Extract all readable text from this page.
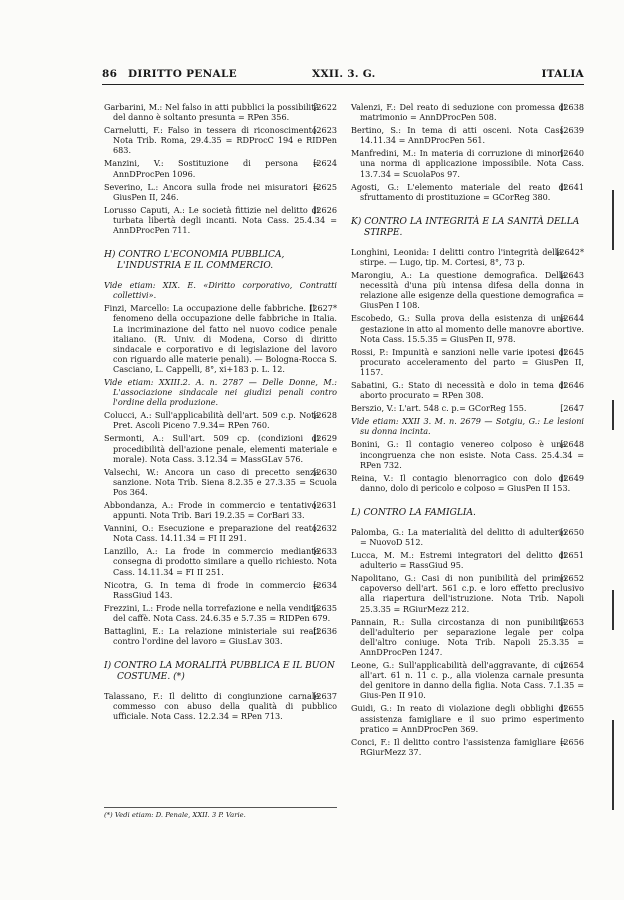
86 DIRITTO PENALE	XXII. 3. G.	ITALIA
[2622
Garbarini, M.: Nel falso in atti pubblici la possibilità del danno è soltanto presunta = RPen 356.
[2623
Carnelutti, F.: Falso in tessera di riconoscimento. Nota Trib. Roma, 29.4.35 = RDProcC 194 e RIDPen 683.
[2624
Manzini, V.: Sostituzione di persona = AnnDProcPen 1096.
[2625
Severino, L.: Ancora sulla frode nei misuratori = GiusPen II, 246.
[2626
Lorusso Caputi, A.: Le società fittizie nel delitto di turbata libertà degli incanti. Nota Cass. 25.4.34 = AnnDProcPen 711.
H) CONTRO L'ECONOMIA PUBBLICA, L'INDUSTRIA E IL COMMERCIO.
Vide etiam: XIX. E. «Diritto corporativo, Contratti collettivi».
[2627*
Finzi, Marcello: La occupazione delle fabbriche. Il fenomeno della occupazione delle fabbriche in Italia. La incriminazione del fatto nel nuovo codice penale italiano. (R. Univ. di Modena, Corso di diritto sindacale e corporativo e di legislazione del lavoro con riguardo alle materie penali). — Bologna-Rocca S. Casciano, L. Cappelli, 8°, xi+183 p. L. 12.
Vide etiam: XXIII.2. A. n. 2787 — Delle Donne, M.: L'associazione sindacale nei giudizi penali contro l'ordine della produzione.
[2628
Colucci, A.: Sull'applicabilità dell'art. 509 c.p. Nota Pret. Ascoli Piceno 7.9.34= RPen 760.
[2629
Sermonti, A.: Sull'art. 509 cp. (condizioni di procedibilità dell'azione penale, elementi materiale e morale). Nota Cass. 3.12.34 = MassGLav 576.
[2630
Valsechi, W.: Ancora un caso di precetto senza sanzione. Nota Trib. Siena 8.2.35 e 27.3.35 = Scuola Pos 364.
[2631
Abbondanza, A.: Frode in commercio e tentativo: appunti. Nota Trib. Bari 19.2.35 = CorBari 33.
[2632
Vannini, O.: Esecuzione e preparazione del reato. Nota Cass. 14.11.34 = FI II 291.
[2633
Lanzillo, A.: La frode in commercio mediante consegna di prodotto similare a quello richiesto. Nota Cass. 14.11.34 = FI II 251.
[2634
Nicotra, G. In tema di frode in commercio = RassGiud 143.
[2635
Frezzini, L.: Frode nella torrefazione e nella vendita del caffè. Nota Cass. 24.6.35 e 5.7.35 = RIDPen 679.
[2636
Battaglini, E.: La relazione ministeriale sui reati contro l'ordine del lavoro = GiusLav 303.
I) CONTRO LA MORALITÀ PUBBLICA E IL BUON COSTUME. (*)
[2637
Talassano, F.: Il delitto di congiunzione carnale commesso con abuso della qualità di pubblico ufficiale. Nota Cass. 12.2.34 = RPen 713.
[2638
Valenzi, F.: Del reato di seduzione con promessa di matrimonio = AnnDProcPen 508.
[2639
Bertino, S.: In tema di atti osceni. Nota Cass. 14.11.34 = AnnDProcPen 561.
[2640
Manfredini, M.: In materia di corruzione di minori: una norma di applicazione impossibile. Nota Cass. 13.7.34 = ScuolaPos 97.
[2641
Agosti, G.: L'elemento materiale del reato di sfruttamento di prostituzione = GCorReg 380.
K) CONTRO LA INTEGRITÀ E LA SANITÀ DELLA STIRPE.
[2642*
Longhini, Leonida: I delitti contro l'integrità della stirpe. — Lugo, tip. M. Cortesi, 8°, 73 p.
[2643
Marongiu, A.: La questione demografica. Della necessità d'una più intensa difesa della donna in relazione alle esigenze della questione demografica = GiusPen I 108.
[2644
Escobedo, G.: Sulla prova della esistenza di una gestazione in atto al momento delle manovre abortive. Nota Cass. 15.5.35 = GiusPen II, 978.
[2645
Rossi, P.: Impunità e sanzioni nelle varie ipotesi di procurato acceleramento del parto = GiusPen II, 1157.
[2646
Sabatini, G.: Stato di necessità e dolo in tema di aborto procurato = RPen 308.
[2647
Berszio, V.: L'art. 548 c. p.= GCorReg 155.
Vide etiam: XXII 3. M. n. 2679 — Sotgiu, G.: Le lesioni su donna incinta.
[2648
Bonini, G.: Il contagio venereo colposo è una incongruenza che non esiste. Nota Cass. 25.4.34 = RPen 732.
[2649
Reina, V.: Il contagio blenorragico con dolo di danno, dolo di pericolo e colposo = GiusPen II 153.
L) CONTRO LA FAMIGLIA.
[2650
Palomba, G.: La materialità del delitto di adulterio = NuovoD 512.
[2651
Lucca, M. M.: Estremi integratori del delitto di adulterio = RassGiud 95.
[2652
Napolitano, G.: Casi di non punibilità del primo capoverso dell'art. 561 c.p. e loro effetto preclusivo alla riapertura dell'istruzione. Nota Trib. Napoli 25.3.35 = RGiurMezz 212.
[2653
Pannain, R.: Sulla circostanza di non punibilità dell'adulterio per separazione legale per colpa dell'altro coniuge. Nota Trib. Napoli 25.3.35 = AnnDProcPen 1247.
[2654
Leone, G.: Sull'applicabilità dell'aggravante, di cui all'art. 61 n. 11 c. p., alla violenza carnale presunta del genitore in danno della figlia. Nota Cass. 7.1.35 = Gius-Pen II 910.
[2655
Guidi, G.: In reato di violazione degli obblighi di assistenza famigliare e il suo primo esperimento pratico = AnnDProcPen 369.
[2656
Conci, F.: Il delitto contro l'assistenza famigliare = RGiurMezz 37.
(*) Vedi etiam: D. Penale, XXII. 3 P. Varie.
